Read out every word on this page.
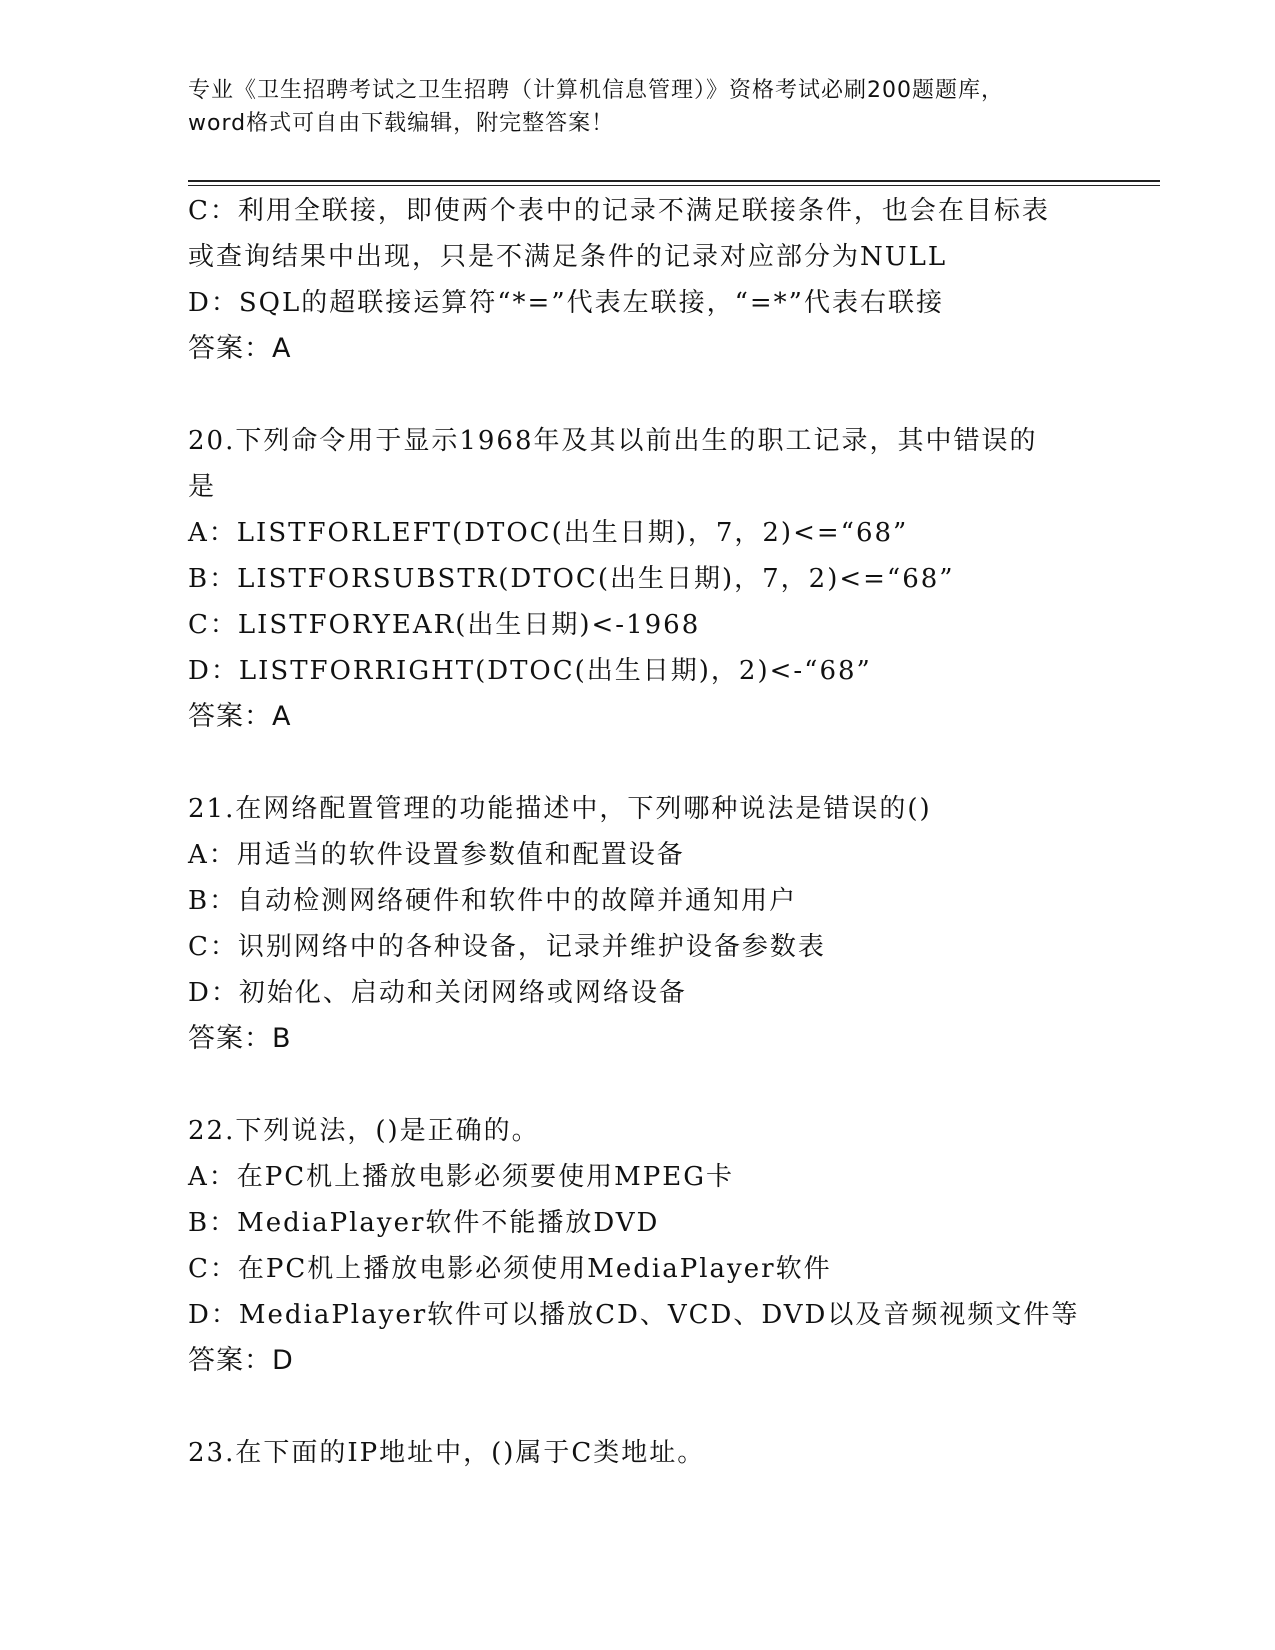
专业《卫生招聘考试之卫生招聘（计算机信息管理）》资格考试必刷200题题库，
word格式可自由下载编辑，附完整答案！
C：利用全联接，即使两个表中的记录不满足联接条件，也会在目标表
或查询结果中出现，只是不满足条件的记录对应部分为NULL
D：SQL的超联接运算符“*=”代表左联接，“=*”代表右联接
答案：A
20.下列命令用于显示1968年及其以前出生的职工记录，其中错误的
是
A：LISTFORLEFT(DTOC(出生日期)，7，2)<=“68”
B：LISTFORSUBSTR(DTOC(出生日期)，7，2)<=“68”
C：LISTFORYEAR(出生日期)<-1968
D：LISTFORRIGHT(DTOC(出生日期)，2)<-“68”
答案：A
21.在网络配置管理的功能描述中，下列哪种说法是错误的()
A：用适当的软件设置参数值和配置设备
B：自动检测网络硬件和软件中的故障并通知用户
C：识别网络中的各种设备，记录并维护设备参数表
D：初始化、启动和关闭网络或网络设备
答案：B
22.下列说法，()是正确的。
A：在PC机上播放电影必须要使用MPEG卡
B：MediaPlayer软件不能播放DVD
C：在PC机上播放电影必须使用MediaPlayer软件
D：MediaPlayer软件可以播放CD、VCD、DVD以及音频视频文件等
答案：D
23.在下面的IP地址中，()属于C类地址。
